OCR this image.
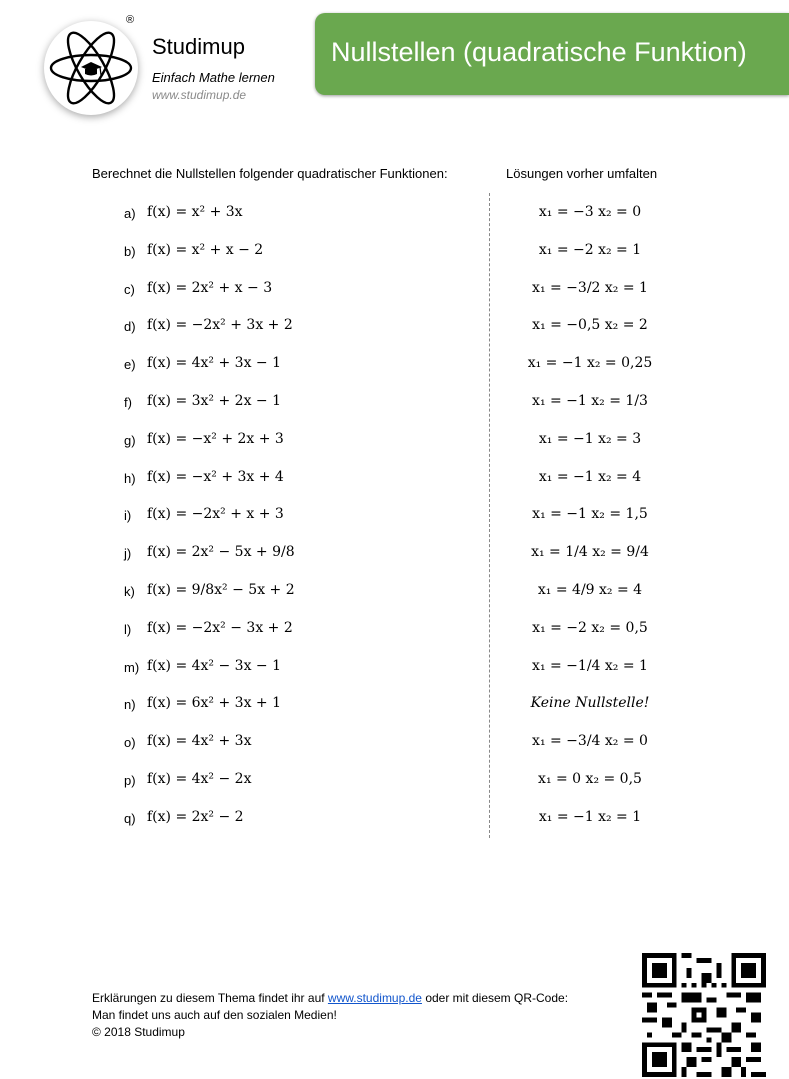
®
Studimup
Einfach Mathe lernen
www.studimup.de
Nullstellen (quadratische Funktion)
Berechnet die Nullstellen folgender quadratischer Funktionen:	Lösungen vorher umfalten
a) f(x) = x² + 3x	x₁ = −3 x₂ = 0
b) f(x) = x² + x − 2	x₁ = −2 x₂ = 1
c) f(x) = 2x² + x − 3	x₁ = −3/2 x₂ = 1
d) f(x) = −2x² + 3x + 2	x₁ = −0,5 x₂ = 2
e) f(x) = 4x² + 3x − 1	x₁ = −1 x₂ = 0,25
f) f(x) = 3x² + 2x − 1	x₁ = −1 x₂ = 1/3
g) f(x) = −x² + 2x + 3	x₁ = −1 x₂ = 3
h) f(x) = −x² + 3x + 4	x₁ = −1 x₂ = 4
i) f(x) = −2x² + x + 3	x₁ = −1 x₂ = 1,5
j) f(x) = 2x² − 5x + 9/8	x₁ = 1/4 x₂ = 9/4
k) f(x) = 9/8x² − 5x + 2	x₁ = 4/9 x₂ = 4
l) f(x) = −2x² − 3x + 2	x₁ = −2 x₂ = 0,5
m) f(x) = 4x² − 3x − 1	x₁ = −1/4 x₂ = 1
n) f(x) = 6x² + 3x + 1	Keine Nullstelle!
o) f(x) = 4x² + 3x	x₁ = −3/4 x₂ = 0
p) f(x) = 4x² − 2x	x₁ = 0 x₂ = 0,5
q) f(x) = 2x² − 2	x₁ = −1 x₂ = 1
Erklärungen zu diesem Thema findet ihr auf www.studimup.de oder mit diesem QR-Code:
Man findet uns auch auf den sozialen Medien!
© 2018 Studimup
